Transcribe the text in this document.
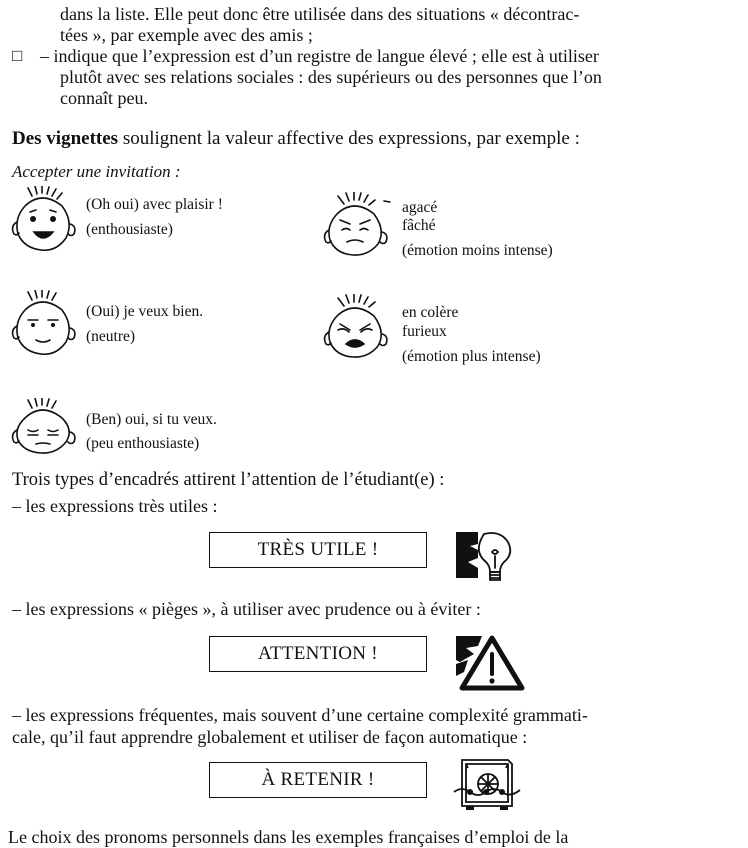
dans la liste. Elle peut donc être utilisée dans des situations « décontrac-
tées », par exemple avec des amis ;
□ – indique que l’expression est d’un registre de langue élevé ; elle est à utiliser
plutôt avec ses relations sociales : des supérieurs ou des personnes que l’on
connaît peu.
Des vignettes soulignent la valeur affective des expressions, par exemple :
Accepter une invitation :
(Oh oui) avec plaisir !
(enthousiaste)
(Oui) je veux bien.
(neutre)
(Ben) oui, si tu veux.
(peu enthousiaste)
agacé
fâché
(émotion moins intense)
en colère
furieux
(émotion plus intense)
Trois types d’encadrés attirent l’attention de l’étudiant(e) :
– les expressions très utiles :
TRÈS UTILE !
– les expressions « pièges », à utiliser avec prudence ou à éviter :
ATTENTION !
– les expressions fréquentes, mais souvent d’une certaine complexité grammati-
cale, qu’il faut apprendre globalement et utiliser de façon automatique :
À RETENIR !
Le choix des pronoms personnels dans les exemples françaises d’emploi de la
